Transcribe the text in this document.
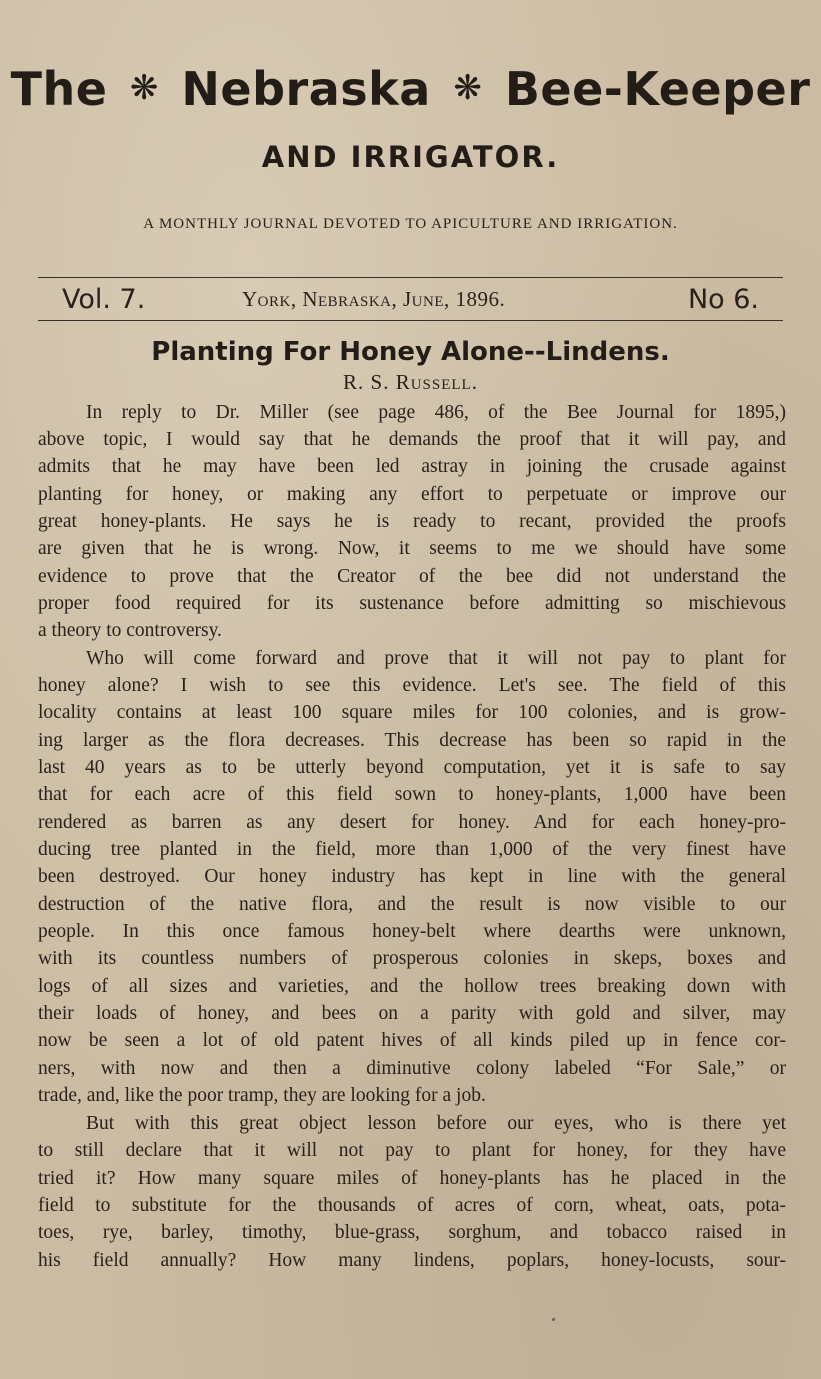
The ❋ Nebraska ❋ Bee-Keeper
AND IRRIGATOR.
A MONTHLY JOURNAL DEVOTED TO APICULTURE AND IRRIGATION.
Vol. 7.	York, Nebraska, June, 1896.	No 6.
Planting For Honey Alone--Lindens.
R. S. Russell.
In reply to Dr. Miller (see page 486, of the Bee Journal for 1895,)
above topic, I would say that he demands the proof that it will pay, and
admits that he may have been led astray in joining the crusade against
planting for honey, or making any effort to perpetuate or improve our
great honey-plants. He says he is ready to recant, provided the proofs
are given that he is wrong. Now, it seems to me we should have some
evidence to prove that the Creator of the bee did not understand the
proper food required for its sustenance before admitting so mischievous
a theory to controversy.
Who will come forward and prove that it will not pay to plant for
honey alone? I wish to see this evidence. Let's see. The field of this
locality contains at least 100 square miles for 100 colonies, and is grow-
ing larger as the flora decreases. This decrease has been so rapid in the
last 40 years as to be utterly beyond computation, yet it is safe to say
that for each acre of this field sown to honey-plants, 1,000 have been
rendered as barren as any desert for honey. And for each honey-pro-
ducing tree planted in the field, more than 1,000 of the very finest have
been destroyed. Our honey industry has kept in line with the general
destruction of the native flora, and the result is now visible to our
people. In this once famous honey-belt where dearths were unknown,
with its countless numbers of prosperous colonies in skeps, boxes and
logs of all sizes and varieties, and the hollow trees breaking down with
their loads of honey, and bees on a parity with gold and silver, may
now be seen a lot of old patent hives of all kinds piled up in fence cor-
ners, with now and then a diminutive colony labeled “For Sale,” or
trade, and, like the poor tramp, they are looking for a job.
But with this great object lesson before our eyes, who is there yet
to still declare that it will not pay to plant for honey, for they have
tried it? How many square miles of honey-plants has he placed in the
field to substitute for the thousands of acres of corn, wheat, oats, pota-
toes, rye, barley, timothy, blue-grass, sorghum, and tobacco raised in
his field annually? How many lindens, poplars, honey-locusts, sour-
